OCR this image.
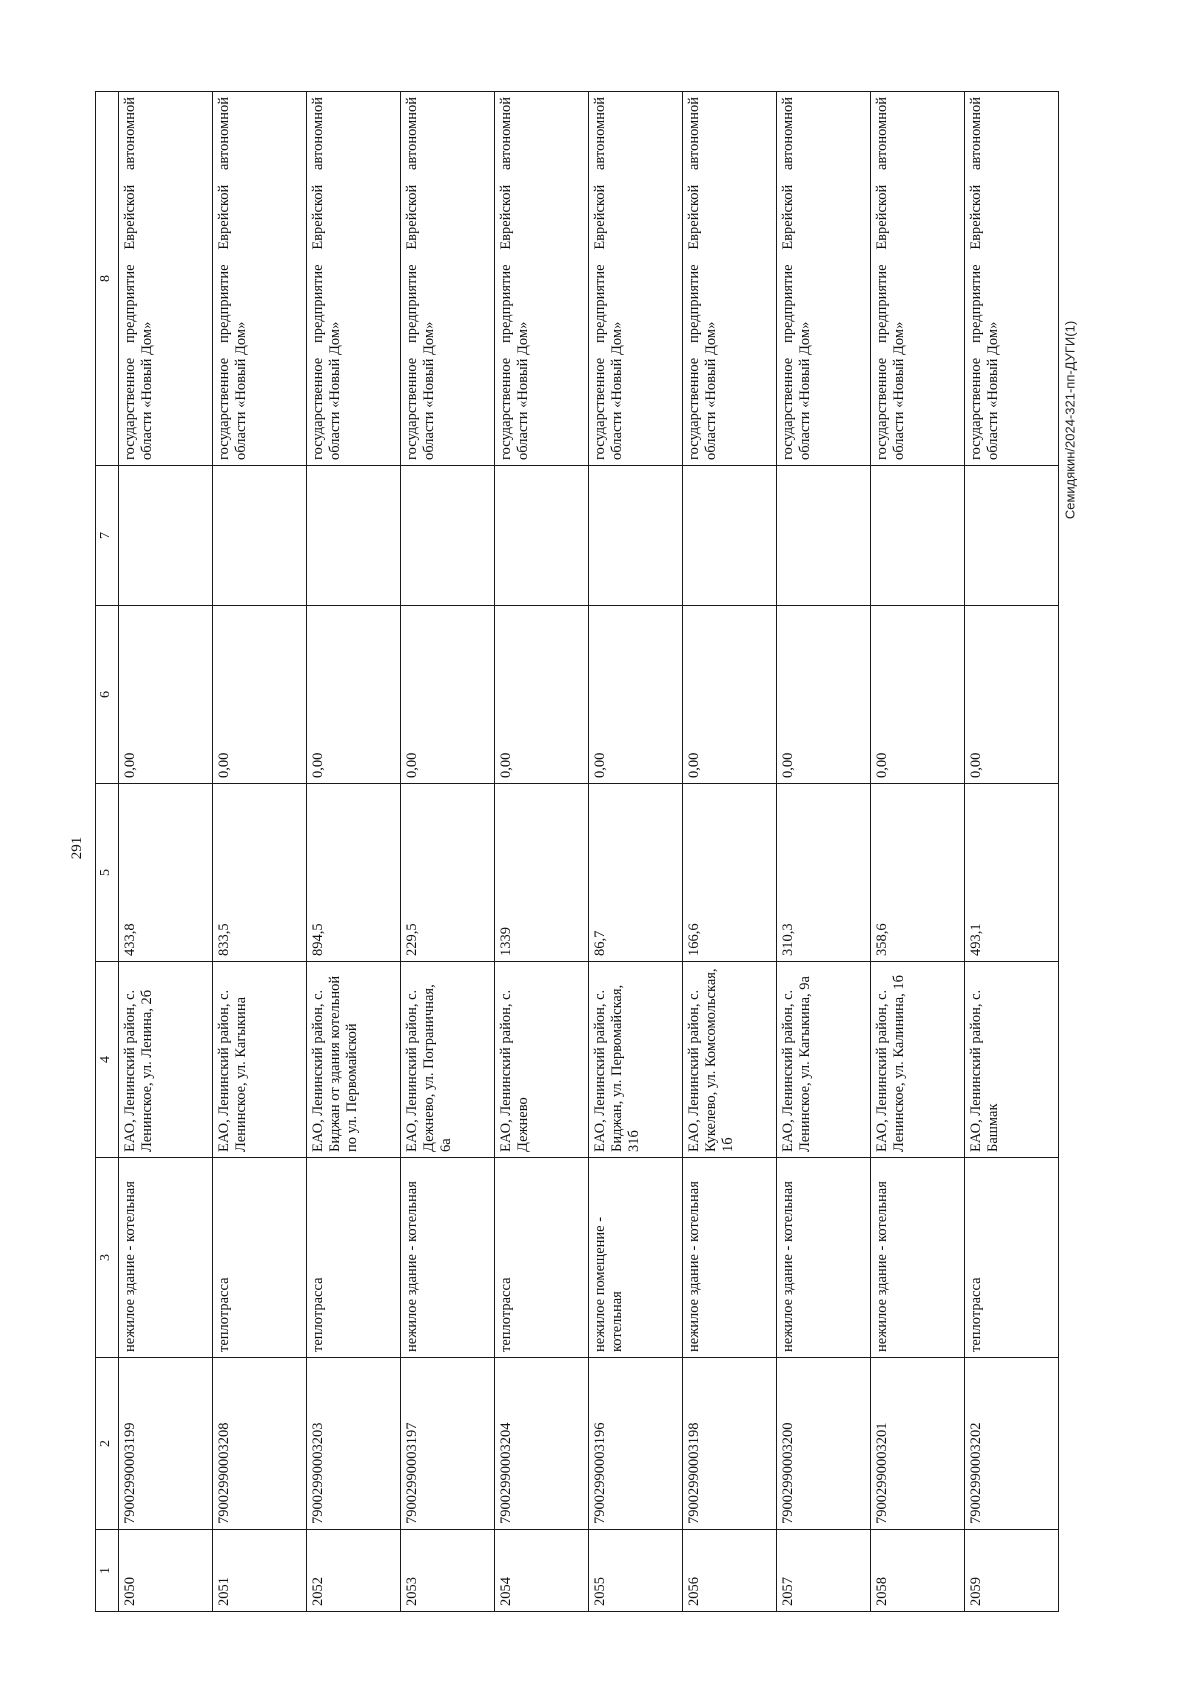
291
1	2	3	4	5	6	7	8
2050	79002990003199	нежилое здание - котельная	ЕАО, Ленинский район, с. Ленинское, ул. Ленина, 2б	433,8	0,00		государственное предприятие Еврейской автономной области «Новый Дом»
2051	79002990003208	теплотрасса	ЕАО, Ленинский район, с. Ленинское, ул. Кагыкина	833,5	0,00		государственное предприятие Еврейской автономной области «Новый Дом»
2052	79002990003203	теплотрасса	ЕАО, Ленинский район, с. Биджан от здания котельной по ул. Первомайской	894,5	0,00		государственное предприятие Еврейской автономной области «Новый Дом»
2053	79002990003197	нежилое здание - котельная	ЕАО, Ленинский район, с. Дежнево, ул. Пограничная, 6а	229,5	0,00		государственное предприятие Еврейской автономной области «Новый Дом»
2054	79002990003204	теплотрасса	ЕАО, Ленинский район, с. Дежнево	1339	0,00		государственное предприятие Еврейской автономной области «Новый Дом»
2055	79002990003196	нежилое помещение - котельная	ЕАО, Ленинский район, с. Биджан, ул. Первомайская, 31б	86,7	0,00		государственное предприятие Еврейской автономной области «Новый Дом»
2056	79002990003198	нежилое здание - котельная	ЕАО, Ленинский район, с. Кукелево, ул. Комсомольская, 1б	166,6	0,00		государственное предприятие Еврейской автономной области «Новый Дом»
2057	79002990003200	нежилое здание - котельная	ЕАО, Ленинский район, с. Ленинское, ул. Кагыкина, 9а	310,3	0,00		государственное предприятие Еврейской автономной области «Новый Дом»
2058	79002990003201	нежилое здание - котельная	ЕАО, Ленинский район, с. Ленинское, ул. Калинина, 1б	358,6	0,00		государственное предприятие Еврейской автономной области «Новый Дом»
2059	79002990003202	теплотрасса	ЕАО, Ленинский район, с. Башмак	493,1	0,00		государственное предприятие Еврейской автономной области «Новый Дом»	Семидякин/2024-321-пп-ДУГИ(1)
